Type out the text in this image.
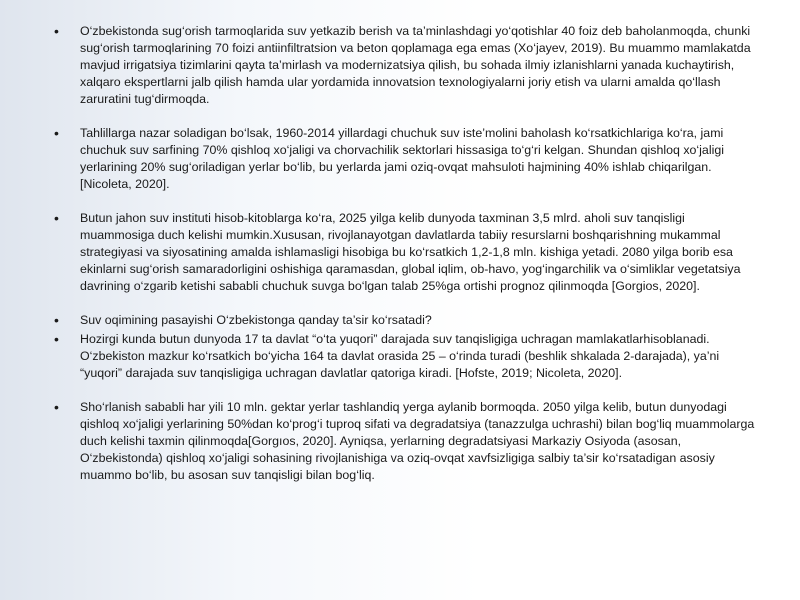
• O‘zbekistonda sug‘orish tarmoqlarida suv yetkazib berish va ta’minlashdagi yo‘qotishlar 40 foiz deb baholanmoqda, chunki sug‘orish tarmoqlarining 70 foizi antiinfiltratsion va beton qoplamaga ega emas (Xo‘jayev, 2019). Bu muammo mamlakatda mavjud irrigatsiya tizimlarini qayta ta’mirlash va modernizatsiya qilish, bu sohada ilmiy izlanishlarni yanada kuchaytirish, xalqaro ekspertlarni jalb qilish hamda ular yordamida innovatsion texnologiyalarni joriy etish va ularni amalda qo‘llash zaruratini tug‘dirmoqda.
• Tahlillarga nazar soladigan bo‘lsak, 1960-2014 yillardagi chuchuk suv iste’molini baholash ko‘rsatkichlariga ko‘ra, jami chuchuk suv sarfining 70% qishloq xo‘jaligi va chorvachilik sektorlari hissasiga to‘g‘ri kelgan. Shundan qishloq xo‘jaligi yerlarining 20% sug‘oriladigan yerlar bo‘lib, bu yerlarda jami oziq-ovqat mahsuloti hajmining 40% ishlab chiqarilgan. [Nicoleta, 2020].
• Butun jahon suv instituti hisob-kitoblarga ko‘ra, 2025 yilga kelib dunyoda taxminan 3,5 mlrd. aholi suv tanqisligi muammosiga duch kelishi mumkin.Xususan, rivojlanayotgan davlatlarda tabiiy resurslarni boshqarishning mukammal strategiyasi va siyosatining amalda ishlamasligi hisobiga bu ko‘rsatkich 1,2-1,8 mln. kishiga yetadi. 2080 yilga borib esa ekinlarni sug‘orish samaradorligini oshishiga qaramasdan, global iqlim, ob-havo, yog‘ingarchilik va o‘simliklar vegetatsiya davrining o‘zgarib ketishi sababli chuchuk suvga bo‘lgan talab 25%ga ortishi prognoz qilinmoqda [Gorgios, 2020].
• Suv oqimining pasayishi O‘zbekistonga qanday ta’sir ko‘rsatadi?
• Hozirgi kunda butun dunyoda 17 ta davlat “o‘ta yuqori” darajada suv tanqisligiga uchragan mamlakatlarhisoblanadi. O‘zbekiston mazkur ko‘rsatkich bo‘yicha 164 ta davlat orasida 25 – o‘rinda turadi (beshlik shkalada 2-darajada), ya’ni “yuqori” darajada suv tanqisligiga uchragan davlatlar qatoriga kiradi. [Hofste, 2019; Nicoleta, 2020].
• Sho‘rlanish sababli har yili 10 mln. gektar yerlar tashlandiq yerga aylanib bormoqda. 2050 yilga kelib, butun dunyodagi qishloq xo‘jaligi yerlarining 50%dan ko‘prog‘i tuproq sifati va degradatsiya (tanazzulga uchrashi) bilan bog‘liq muammolarga duch kelishi taxmin qilinmoqda[Gorgıos, 2020]. Ayniqsa, yerlarning degradatsiyasi Markaziy Osiyoda (asosan, O‘zbekistonda) qishloq xo‘jaligi sohasining rivojlanishiga va oziq-ovqat xavfsizligiga salbiy ta’sir ko‘rsatadigan asosiy muammo bo‘lib, bu asosan suv tanqisligi bilan bog‘liq.
